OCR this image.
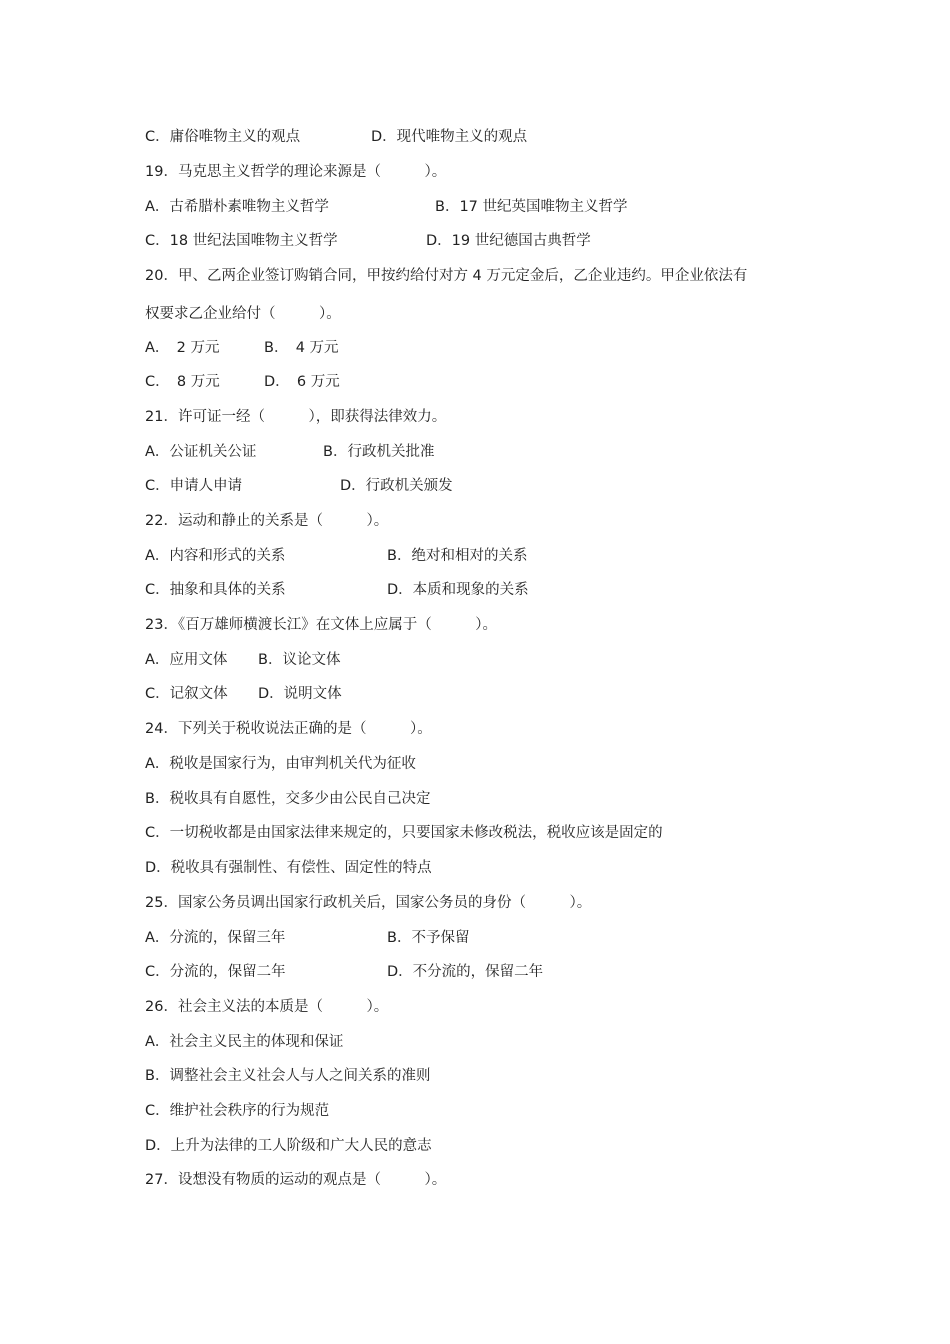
C．庸俗唯物主义的观点	D．现代唯物主义的观点
19．马克思主义哲学的理论来源是（　　　）。
A．古希腊朴素唯物主义哲学	B．17 世纪英国唯物主义哲学
C．18 世纪法国唯物主义哲学	D．19 世纪德国古典哲学
20．甲、乙两企业签订购销合同，甲按约给付对方 4 万元定金后，乙企业违约。甲企业依法有
权要求乙企业给付（　　　）。
A．　2 万元	B．　4 万元
C．　8 万元	D．　6 万元
21．许可证一经（　　　），即获得法律效力。
A．公证机关公证	B．行政机关批准
C．申请人申请	D．行政机关颁发
22．运动和静止的关系是（　　　）。
A．内容和形式的关系	B．绝对和相对的关系
C．抽象和具体的关系	D．本质和现象的关系
23．《百万雄师横渡长江》在文体上应属于（　　　）。
A．应用文体 B．议论文体
C．记叙文体 D．说明文体
24．下列关于税收说法正确的是（　　　）。
A．税收是国家行为，由审判机关代为征收
B．税收具有自愿性，交多少由公民自己决定
C．一切税收都是由国家法律来规定的，只要国家未修改税法，税收应该是固定的
D．税收具有强制性、有偿性、固定性的特点
25．国家公务员调出国家行政机关后，国家公务员的身份（　　　）。
A．分流的，保留三年	B．不予保留
C．分流的，保留二年	D．不分流的，保留二年
26．社会主义法的本质是（　　　）。
A．社会主义民主的体现和保证
B．调整社会主义社会人与人之间关系的准则
C．维护社会秩序的行为规范
D．上升为法律的工人阶级和广大人民的意志
27．设想没有物质的运动的观点是（　　　）。
